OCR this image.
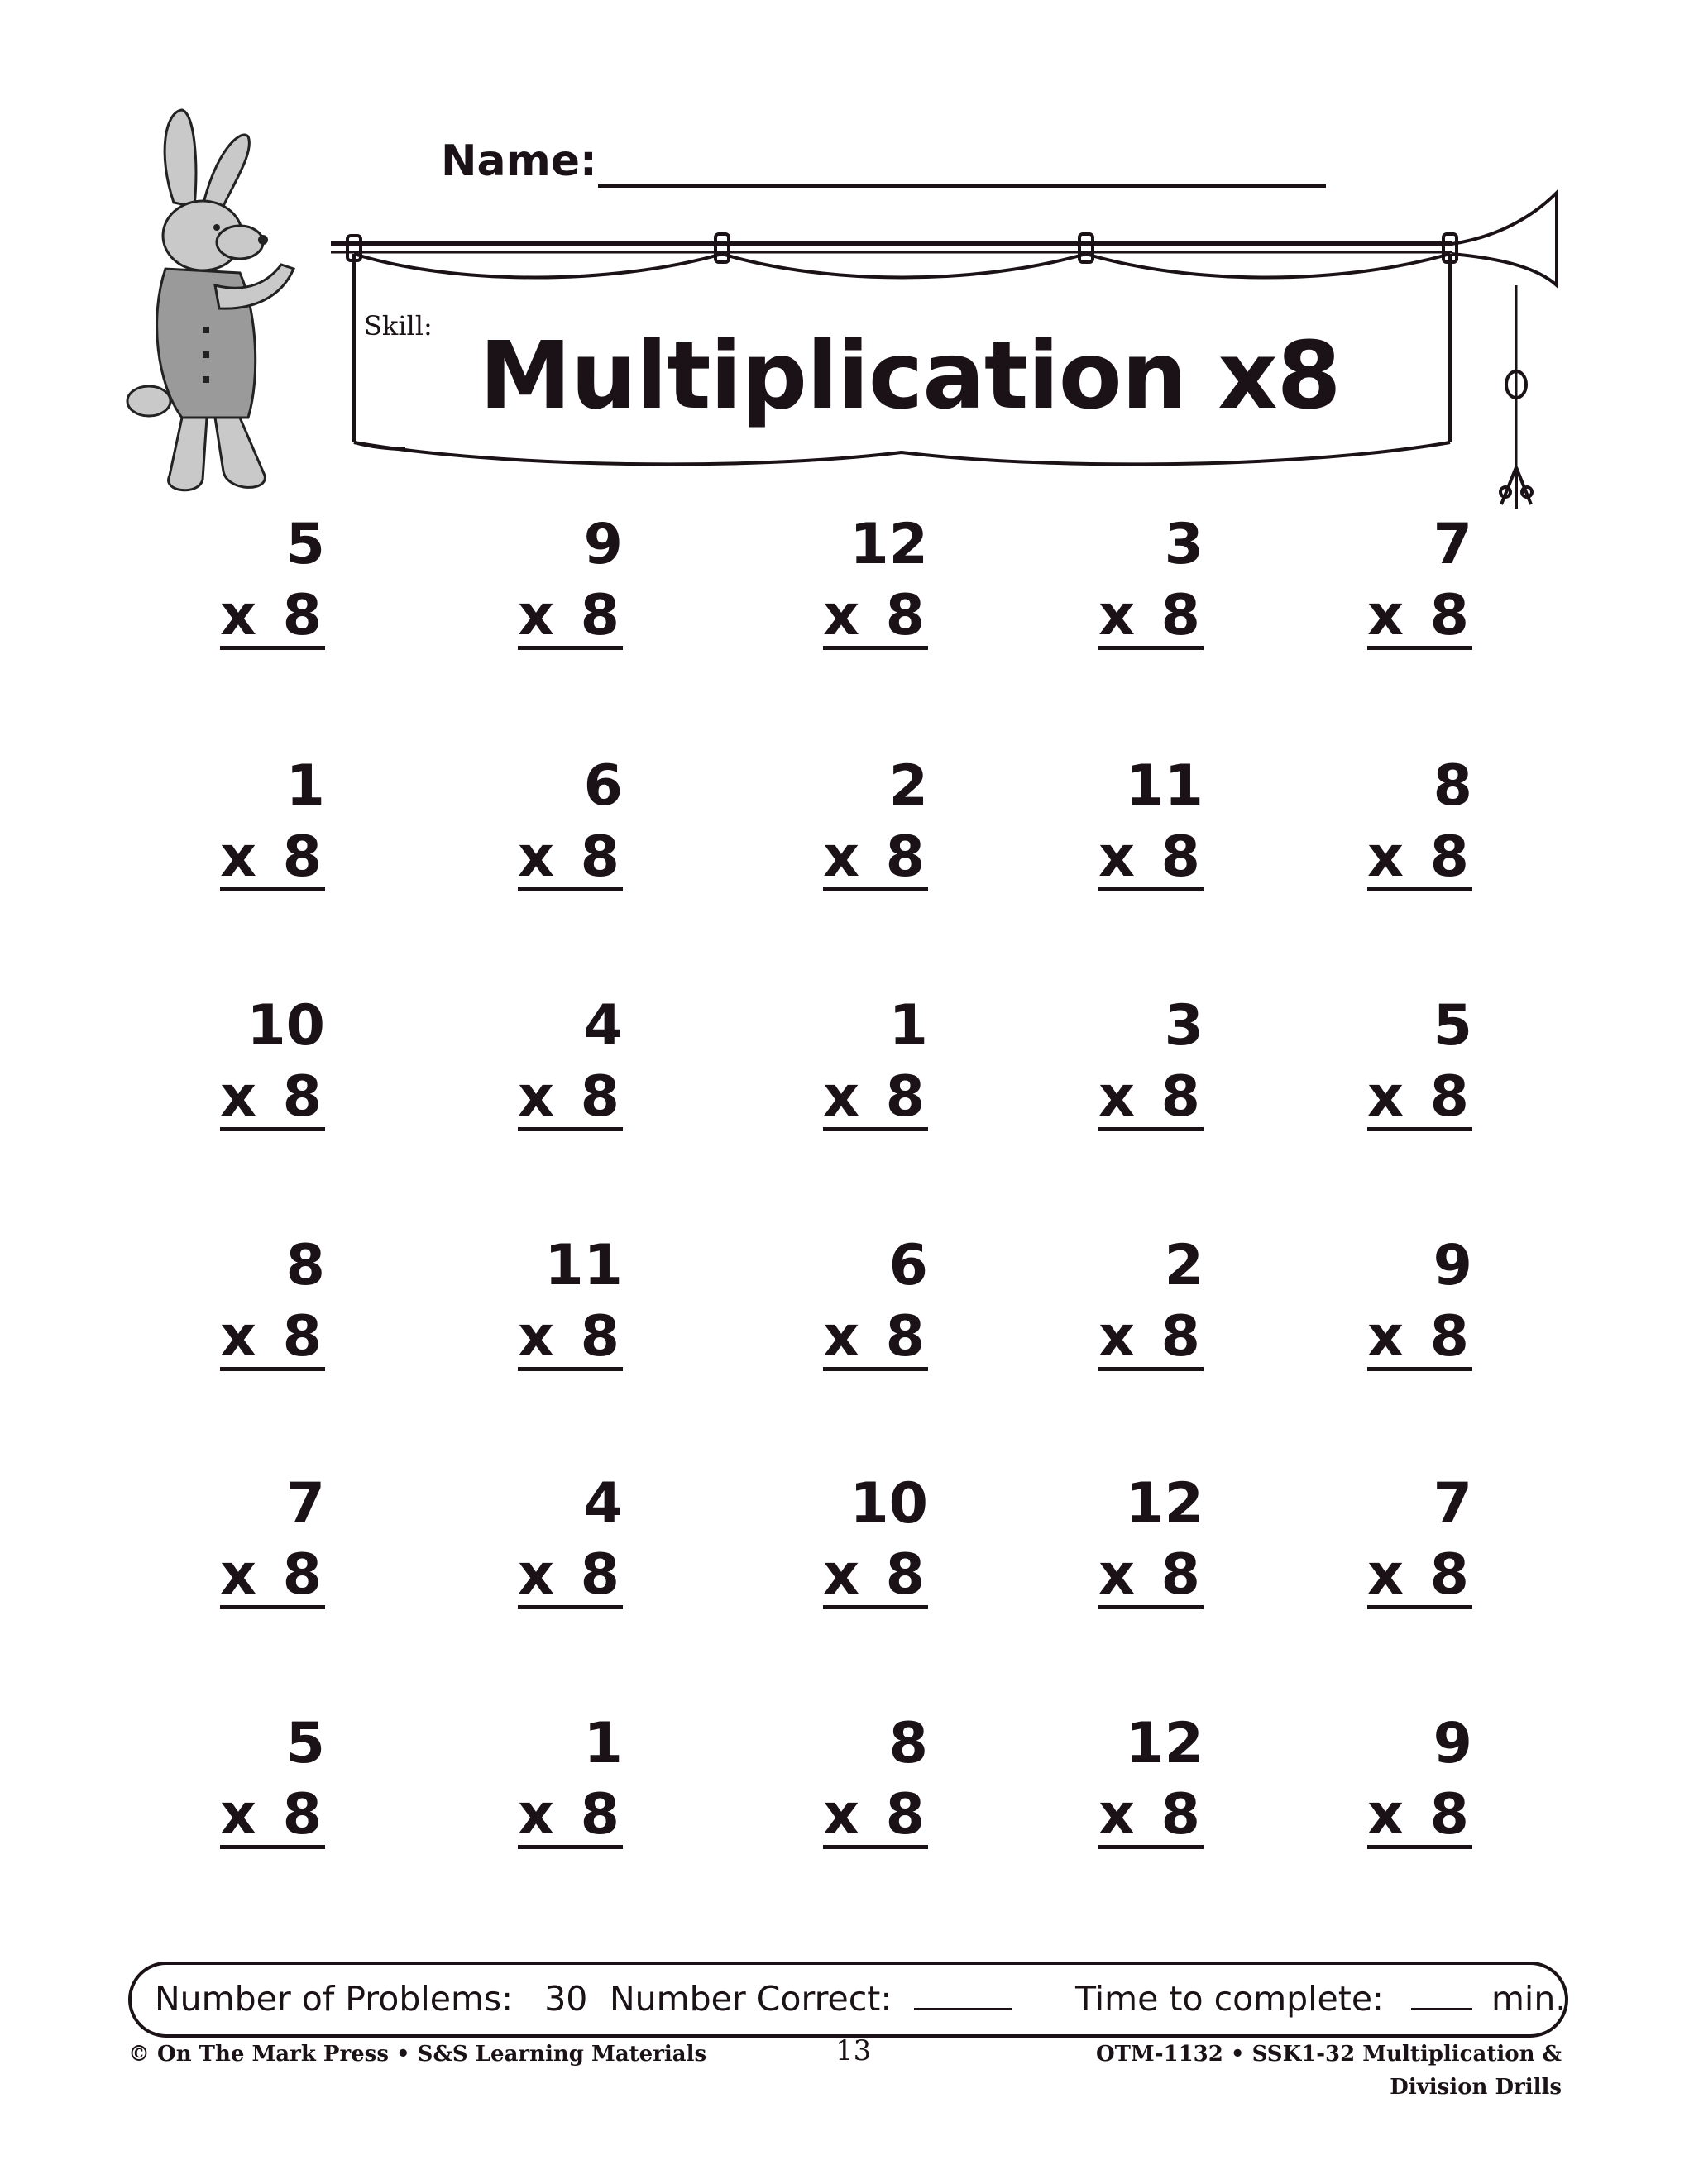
Name:
Skill: Multiplication x8
5
x 8
9
x 8
12
x 8
3
x 8
7
x 8
1
x 8
6
x 8
2
x 8
11
x 8
8
x 8
10
x 8
4
x 8
1
x 8
3
x 8
5
x 8
8
x 8
11
x 8
6
x 8
2
x 8
9
x 8
7
x 8
4
x 8
10
x 8
12
x 8
7
x 8
5
x 8
1
x 8
8
x 8
12
x 8
9
x 8
Number of Problems: 30 Number Correct:	Time to complete:	min.
© On The Mark Press • S&S Learning Materials	13	OTM-1132 • SSK1-32 Multiplication &
Division Drills
